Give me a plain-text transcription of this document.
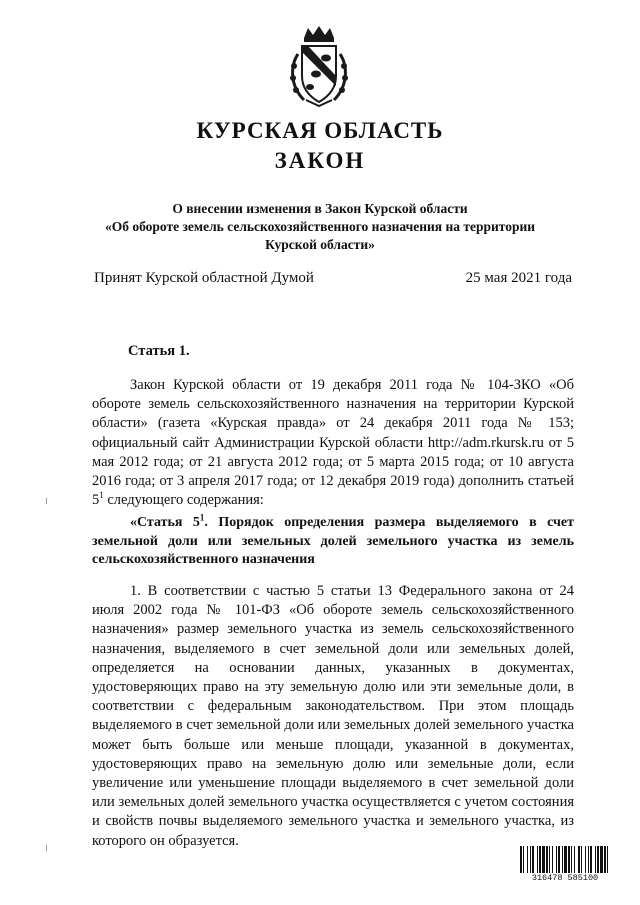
КУРСКАЯ ОБЛАСТЬ
ЗАКОН
О внесении изменения в Закон Курской области
«Об обороте земель сельскохозяйственного назначения на территории
Курской области»
Принят Курской областной Думой	25 мая 2021 года
Статья 1.

Закон Курской области от 19 декабря 2011 года № 104-ЗКО «Об обороте земель сельскохозяйственного назначения на территории Курской области» (газета «Курская правда» от 24 декабря 2011 года № 153; официальный сайт Администрации Курской области http://adm.rkursk.ru от 5 мая 2012 года; от 21 августа 2012 года; от 5 марта 2015 года; от 10 августа 2016 года; от 3 апреля 2017 года; от 12 декабря 2019 года) дополнить статьей $5^1$ следующего содержания:

«Статья $5^1$. Порядок определения размера выделяемого в счет земельной доли или земельных долей земельного участка из земель сельскохозяйственного назначения

1. В соответствии с частью 5 статьи 13 Федерального закона от 24 июля 2002 года № 101-ФЗ «Об обороте земель сельскохозяйственного назначения» размер земельного участка из земель сельскохозяйственного назначения, выделяемого в счет земельной доли или земельных долей, определяется на основании данных, указанных в документах, удостоверяющих право на эту земельную долю или эти земельные доли, в соответствии с федеральным законодательством. При этом площадь выделяемого в счет земельной доли или земельных долей земельного участка может быть больше или меньше площади, указанной в документах, удостоверяющих право на земельную долю или земельные доли, если увеличение или уменьшение площади выделяемого в счет земельной доли или земельных долей земельного участка осуществляется с учетом состояния и свойств почвы выделяемого земельного участка и земельного участка, из которого он образуется.

316478 585100
